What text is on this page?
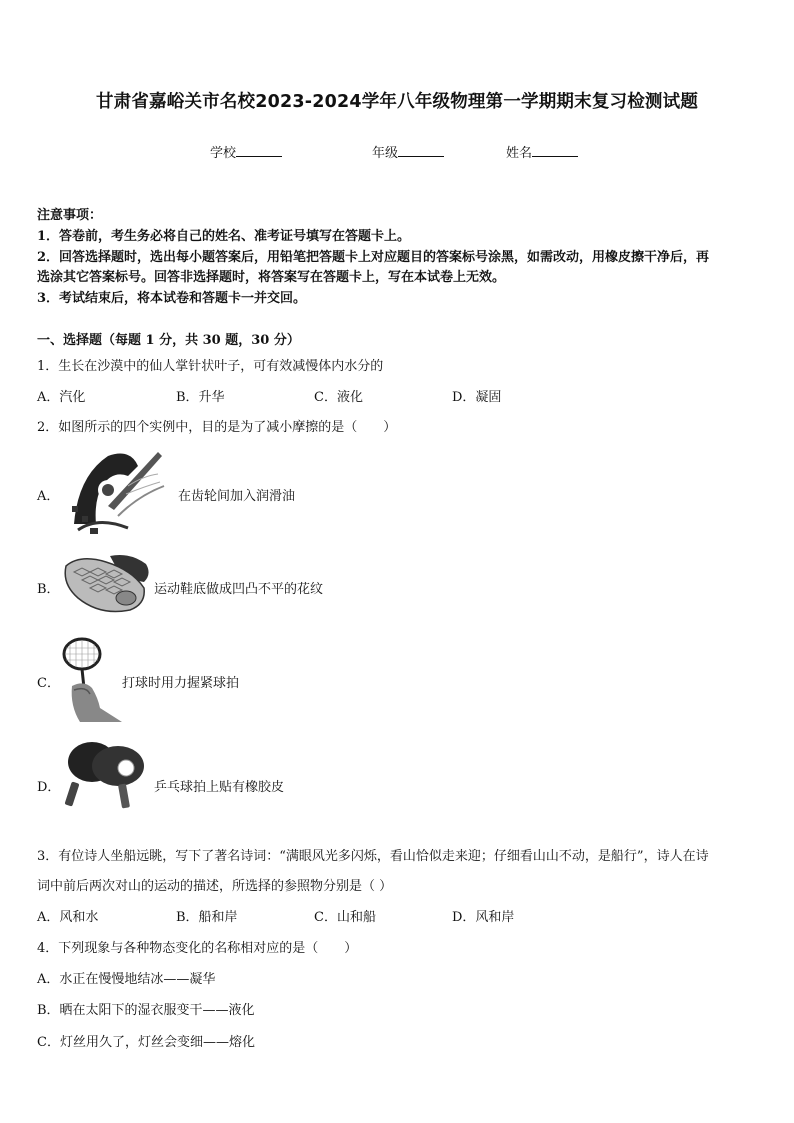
甘肃省嘉峪关市名校2023-2024学年八年级物理第一学期期末复习检测试题
学校	年级	姓名
注意事项：
1．答卷前，考生务必将自己的姓名、准考证号填写在答题卡上。
2．回答选择题时，选出每小题答案后，用铅笔把答题卡上对应题目的答案标号涂黑，如需改动，用橡皮擦干净后，再
选涂其它答案标号。回答非选择题时，将答案写在答题卡上，写在本试卷上无效。
3．考试结束后，将本试卷和答题卡一并交回。
一、选择题（每题 1 分，共 30 题，30 分）
1．生长在沙漠中的仙人掌针状叶子，可有效减慢体内水分的
A．汽化	B．升华	C．液化	D．凝固
2．如图所示的四个实例中，目的是为了减小摩擦的是（　　）
A．	在齿轮间加入润滑油
B．	运动鞋底做成凹凸不平的花纹
C．	打球时用力握紧球拍
D．	乒乓球拍上贴有橡胶皮
3．有位诗人坐船远眺，写下了著名诗词：“满眼风光多闪烁，看山恰似走来迎；仔细看山山不动，是船行”，诗人在诗
词中前后两次对山的运动的描述，所选择的参照物分别是（ ）
A．风和水	B．船和岸	C．山和船	D．风和岸
4．下列现象与各种物态变化的名称相对应的是（　　）
A．水正在慢慢地结冰——凝华
B．晒在太阳下的湿衣服变干——液化
C．灯丝用久了，灯丝会变细——熔化
